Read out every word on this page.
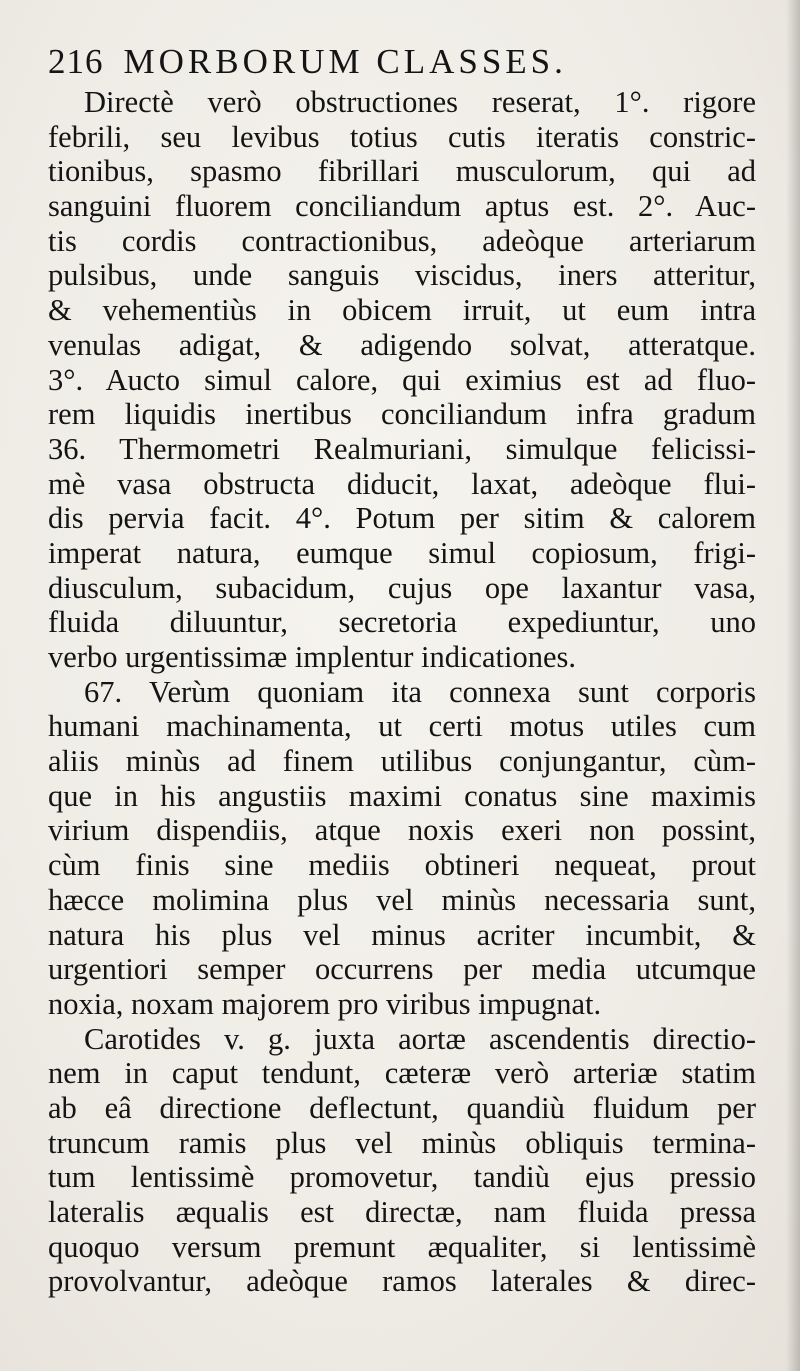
216 MORBORUM CLASSES.
Directè verò obstructiones reserat, 1°. rigore
febrili, seu levibus totius cutis iteratis constric-
tionibus, spasmo fibrillari musculorum, qui ad
sanguini fluorem conciliandum aptus est. 2°. Auc-
tis cordis contractionibus, adeòque arteriarum
pulsibus, unde sanguis viscidus, iners atteritur,
& vehementiùs in obicem irruit, ut eum intra
venulas adigat, & adigendo solvat, atteratque.
3°. Aucto simul calore, qui eximius est ad fluo-
rem liquidis inertibus conciliandum infra gradum
36. Thermometri Realmuriani, simulque felicissi-
mè vasa obstructa diducit, laxat, adeòque flui-
dis pervia facit. 4°. Potum per sitim & calorem
imperat natura, eumque simul copiosum, frigi-
diusculum, subacidum, cujus ope laxantur vasa,
fluida diluuntur, secretoria expediuntur, uno
verbo urgentissimæ implentur indicationes.
67. Verùm quoniam ita connexa sunt corporis
humani machinamenta, ut certi motus utiles cum
aliis minùs ad finem utilibus conjungantur, cùm-
que in his angustiis maximi conatus sine maximis
virium dispendiis, atque noxis exeri non possint,
cùm finis sine mediis obtineri nequeat, prout
hæcce molimina plus vel minùs necessaria sunt,
natura his plus vel minus acriter incumbit, &
urgentiori semper occurrens per media utcumque
noxia, noxam majorem pro viribus impugnat.
Carotides v. g. juxta aortæ ascendentis directio-
nem in caput tendunt, cæteræ verò arteriæ statim
ab eâ directione deflectunt, quandiù fluidum per
truncum ramis plus vel minùs obliquis termina-
tum lentissimè promovetur, tandiù ejus pressio
lateralis æqualis est directæ, nam fluida pressa
quoquo versum premunt æqualiter, si lentissimè
provolvantur, adeòque ramos laterales & direc-
